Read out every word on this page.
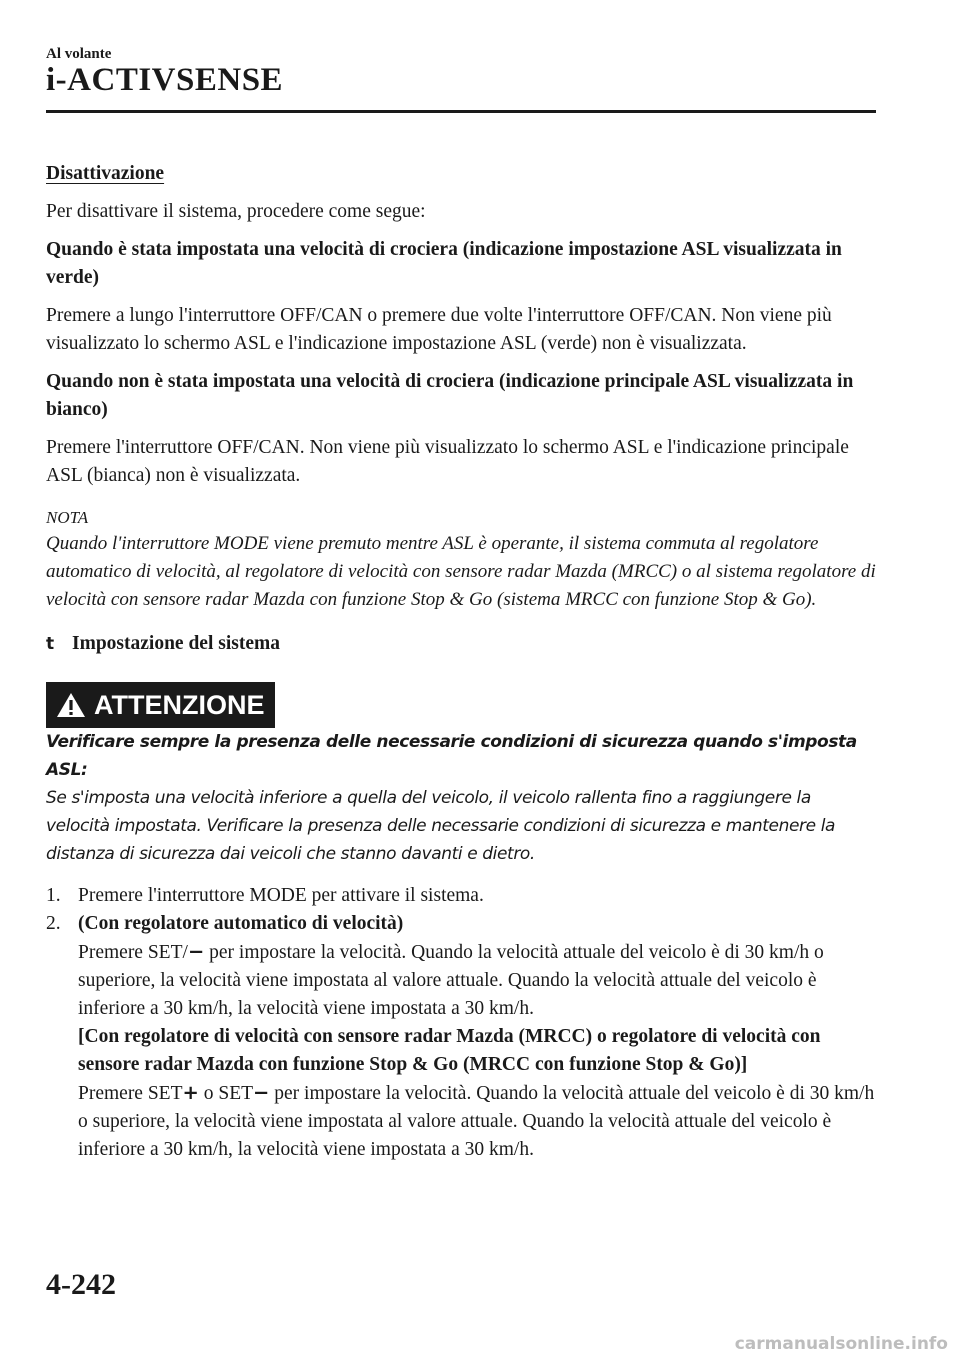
Al volante
i-ACTIVSENSE

Disattivazione

Per disattivare il sistema, procedere come segue:

Quando è stata impostata una velocità di crociera (indicazione impostazione ASL visualizzata in verde)

Premere a lungo l'interruttore OFF/CAN o premere due volte l'interruttore OFF/CAN. Non viene più visualizzato lo schermo ASL e l'indicazione impostazione ASL (verde) non è visualizzata.

Quando non è stata impostata una velocità di crociera (indicazione principale ASL visualizzata in bianco)

Premere l'interruttore OFF/CAN. Non viene più visualizzato lo schermo ASL e l'indicazione principale ASL (bianca) non è visualizzata.

NOTA

Quando l'interruttore MODE viene premuto mentre ASL è operante, il sistema commuta al regolatore automatico di velocità, al regolatore di velocità con sensore radar Mazda (MRCC) o al sistema regolatore di velocità con sensore radar Mazda con funzione Stop & Go (sistema MRCC con funzione Stop & Go).

t Impostazione del sistema

ATTENZIONE

Verificare sempre la presenza delle necessarie condizioni di sicurezza quando s'imposta ASL:
Se s'imposta una velocità inferiore a quella del veicolo, il veicolo rallenta fino a raggiungere la velocità impostata. Verificare la presenza delle necessarie condizioni di sicurezza e mantenere la distanza di sicurezza dai veicoli che stanno davanti e dietro.

1. Premere l'interruttore MODE per attivare il sistema.
2. (Con regolatore automatico di velocità)
Premere SET/− per impostare la velocità. Quando la velocità attuale del veicolo è di 30 km/h o superiore, la velocità viene impostata al valore attuale. Quando la velocità attuale del veicolo è inferiore a 30 km/h, la velocità viene impostata a 30 km/h.
[Con regolatore di velocità con sensore radar Mazda (MRCC) o regolatore di velocità con sensore radar Mazda con funzione Stop & Go (MRCC con funzione Stop & Go)]
Premere SET+ o SET− per impostare la velocità. Quando la velocità attuale del veicolo è di 30 km/h o superiore, la velocità viene impostata al valore attuale. Quando la velocità attuale del veicolo è inferiore a 30 km/h, la velocità viene impostata a 30 km/h.
4-242
carmanualsonline.info
